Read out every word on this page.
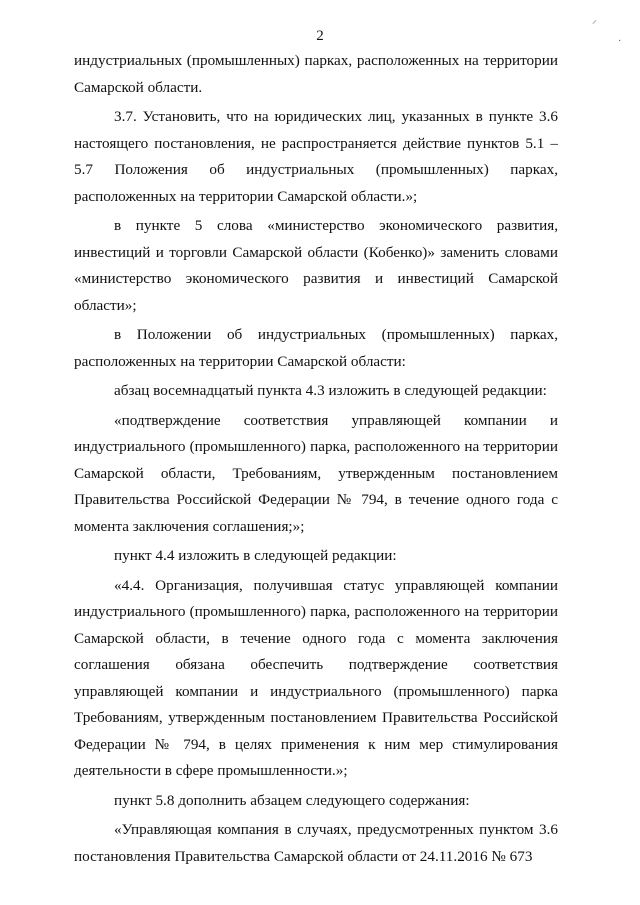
2
⸝
·

индустриальных (промышленных) парках, расположенных на территории Самарской области.

3.7. Установить, что на юридических лиц, указанных в пункте 3.6 настоящего постановления, не распространяется действие пунктов 5.1 – 5.7 Положения об индустриальных (промышленных) парках, расположенных на территории Самарской области.»;

в пункте 5 слова «министерство экономического развития, инвестиций и торговли Самарской области (Кобенко)» заменить словами «министерство экономического развития и инвестиций Самарской области»;

в Положении об индустриальных (промышленных) парках, расположенных на территории Самарской области:

абзац восемнадцатый пункта 4.3 изложить в следующей редакции:

«подтверждение соответствия управляющей компании и индустриального (промышленного) парка, расположенного на территории Самарской области, Требованиям, утвержденным постановлением Правительства Российской Федерации № 794, в течение одного года с момента заключения соглашения;»;

пункт 4.4 изложить в следующей редакции:

«4.4. Организация, получившая статус управляющей компании индустриального (промышленного) парка, расположенного на территории Самарской области, в течение одного года с момента заключения соглашения обязана обеспечить подтверждение соответствия управляющей компании и индустриального (промышленного) парка Требованиям, утвержденным постановлением Правительства Российской Федерации № 794, в целях применения к ним мер стимулирования деятельности в сфере промышленности.»;

пункт 5.8 дополнить абзацем следующего содержания:

«Управляющая компания в случаях, предусмотренных пунктом 3.6 постановления Правительства Самарской области от 24.11.2016 № 673
